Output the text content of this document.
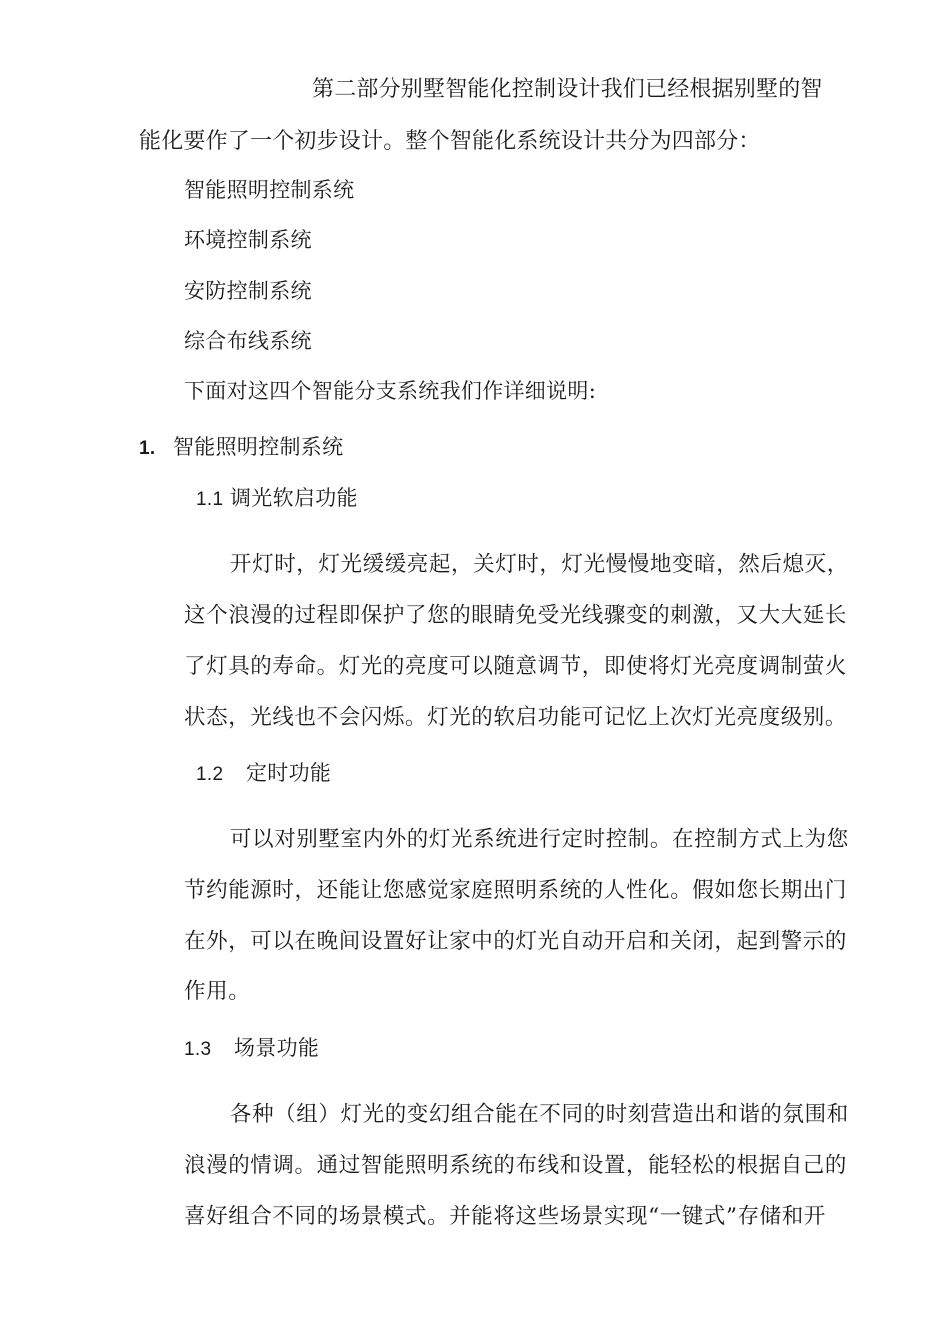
第二部分别墅智能化控制设计我们已经根据别墅的智
能化要作了一个初步设计。整个智能化系统设计共分为四部分：
智能照明控制系统
环境控制系统
安防控制系统
综合布线系统
下面对这四个智能分支系统我们作详细说明:
1. 智能照明控制系统
1.1 调光软启功能
开灯时，灯光缓缓亮起，关灯时，灯光慢慢地变暗，然后熄灭，
这个浪漫的过程即保护了您的眼睛免受光线骤变的刺激，又大大延长
了灯具的寿命。灯光的亮度可以随意调节，即使将灯光亮度调制萤火
状态，光线也不会闪烁。灯光的软启功能可记忆上次灯光亮度级别。
1.2 定时功能
可以对别墅室内外的灯光系统进行定时控制。在控制方式上为您
节约能源时，还能让您感觉家庭照明系统的人性化。假如您长期出门
在外，可以在晚间设置好让家中的灯光自动开启和关闭，起到警示的
作用。
1.3 场景功能
各种（组）灯光的变幻组合能在不同的时刻营造出和谐的氛围和
浪漫的情调。通过智能照明系统的布线和设置，能轻松的根据自己的
喜好组合不同的场景模式。并能将这些场景实现“一键式”存储和开
